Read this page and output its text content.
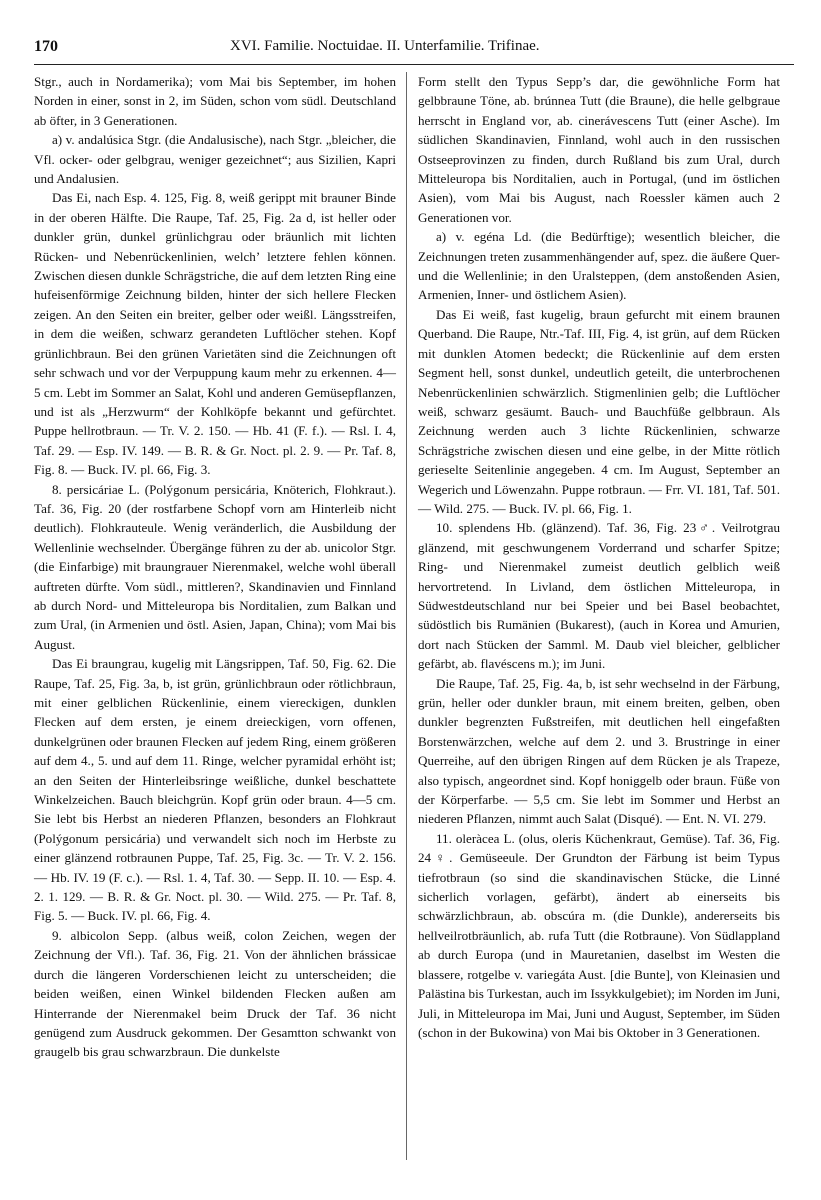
170	XVI. Familie. Noctuidae. II. Unterfamilie. Trifinae.

Stgr., auch in Nordamerika); vom Mai bis September, im hohen Norden in einer, sonst in 2, im Süden, schon vom südl. Deutschland ab öfter, in 3 Generationen.

a) v. andalúsica Stgr. (die Andalusische), nach Stgr. „bleicher, die Vfl. ocker- oder gelbgrau, weniger gezeichnet“; aus Sizilien, Kapri und Andalusien.

Das Ei, nach Esp. 4. 125, Fig. 8, weiß gerippt mit brauner Binde in der oberen Hälfte. Die Raupe, Taf. 25, Fig. 2a d, ist heller oder dunkler grün, dunkel grünlichgrau oder bräunlich mit lichten Rücken- und Nebenrückenlinien, welch’ letztere fehlen können. Zwischen diesen dunkle Schrägstriche, die auf dem letzten Ring eine hufeisenförmige Zeichnung bilden, hinter der sich hellere Flecken zeigen. An den Seiten ein breiter, gelber oder weißl. Längsstreifen, in dem die weißen, schwarz gerandeten Luftlöcher stehen. Kopf grünlichbraun. Bei den grünen Varietäten sind die Zeichnungen oft sehr schwach und vor der Verpuppung kaum mehr zu erkennen. 4—5 cm. Lebt im Sommer an Salat, Kohl und anderen Gemüsepflanzen, und ist als „Herzwurm“ der Kohlköpfe bekannt und gefürchtet. Puppe hellrotbraun. — Tr. V. 2. 150. — Hb. 41 (F. f.). — Rsl. I. 4, Taf. 29. — Esp. IV. 149. — B. R. & Gr. Noct. pl. 2. 9. — Pr. Taf. 8, Fig. 8. — Buck. IV. pl. 66, Fig. 3.

8. persicáriae L. (Polýgonum persicária, Knöterich, Flohkraut.). Taf. 36, Fig. 20 (der rostfarbene Schopf vorn am Hinterleib nicht deutlich). Flohkrauteule. Wenig veränderlich, die Ausbildung der Wellenlinie wechselnder. Übergänge führen zu der ab. unicolor Stgr. (die Einfarbige) mit braungrauer Nierenmakel, welche wohl überall auftreten dürfte. Vom südl., mittleren?, Skandinavien und Finnland ab durch Nord- und Mitteleuropa bis Norditalien, zum Balkan und zum Ural, (in Armenien und östl. Asien, Japan, China); vom Mai bis August.

Das Ei braungrau, kugelig mit Längsrippen, Taf. 50, Fig. 62. Die Raupe, Taf. 25, Fig. 3a, b, ist grün, grünlichbraun oder rötlichbraun, mit einer gelblichen Rückenlinie, einem viereckigen, dunklen Flecken auf dem ersten, je einem dreieckigen, vorn offenen, dunkelgrünen oder braunen Flecken auf jedem Ring, einem größeren auf dem 4., 5. und auf dem 11. Ringe, welcher pyramidal erhöht ist; an den Seiten der Hinterleibsringe weißliche, dunkel beschattete Winkelzeichen. Bauch bleichgrün. Kopf grün oder braun. 4—5 cm. Sie lebt bis Herbst an niederen Pflanzen, besonders an Flohkraut (Polýgonum persicária) und verwandelt sich noch im Herbste zu einer glänzend rotbraunen Puppe, Taf. 25, Fig. 3c. — Tr. V. 2. 156. — Hb. IV. 19 (F. c.). — Rsl. 1. 4, Taf. 30. — Sepp. II. 10. — Esp. 4. 2. 1. 129. — B. R. & Gr. Noct. pl. 30. — Wild. 275. — Pr. Taf. 8, Fig. 5. — Buck. IV. pl. 66, Fig. 4.

9. albicolon Sepp. (albus weiß, colon Zeichen, wegen der Zeichnung der Vfl.). Taf. 36, Fig. 21. Von der ähnlichen brássicae durch die längeren Vorderschienen leicht zu unterscheiden; die beiden weißen, einen Winkel bildenden Flecken außen am Hinterrande der Nierenmakel beim Druck der Taf. 36 nicht genügend zum Ausdruck gekommen. Der Gesamtton schwankt von graugelb bis grau schwarzbraun. Die dunkelste

Form stellt den Typus Sepp’s dar, die gewöhnliche Form hat gelbbraune Töne, ab. brúnnea Tutt (die Braune), die helle gelbgraue herrscht in England vor, ab. cinerávescens Tutt (einer Asche). Im südlichen Skandinavien, Finnland, wohl auch in den russischen Ostseeprovinzen zu finden, durch Rußland bis zum Ural, durch Mitteleuropa bis Norditalien, auch in Portugal, (und im östlichen Asien), vom Mai bis August, nach Roessler kämen auch 2 Generationen vor.

a) v. egéna Ld. (die Bedürftige); wesentlich bleicher, die Zeichnungen treten zusammenhängender auf, spez. die äußere Quer- und die Wellenlinie; in den Uralsteppen, (dem anstoßenden Asien, Armenien, Inner- und östlichem Asien).

Das Ei weiß, fast kugelig, braun gefurcht mit einem braunen Querband. Die Raupe, Ntr.-Taf. III, Fig. 4, ist grün, auf dem Rücken mit dunklen Atomen bedeckt; die Rückenlinie auf dem ersten Segment hell, sonst dunkel, undeutlich geteilt, die unterbrochenen Nebenrückenlinien schwärzlich. Stigmenlinien gelb; die Luftlöcher weiß, schwarz gesäumt. Bauch- und Bauchfüße gelbbraun. Als Zeichnung werden auch 3 lichte Rückenlinien, schwarze Schrägstriche zwischen diesen und eine gelbe, in der Mitte rötlich gerieselte Seitenlinie angegeben. 4 cm. Im August, September an Wegerich und Löwenzahn. Puppe rotbraun. — Frr. VI. 181, Taf. 501. — Wild. 275. — Buck. IV. pl. 66, Fig. 1.

10. splendens Hb. (glänzend). Taf. 36, Fig. 23♂. Veilrotgrau glänzend, mit geschwungenem Vorderrand und scharfer Spitze; Ring- und Nierenmakel zumeist deutlich gelblich weiß hervortretend. In Livland, dem östlichen Mitteleuropa, in Südwestdeutschland nur bei Speier und bei Basel beobachtet, südöstlich bis Rumänien (Bukarest), (auch in Korea und Amurien, dort nach Stücken der Samml. M. Daub viel bleicher, gelblicher gefärbt, ab. flavéscens m.); im Juni.

Die Raupe, Taf. 25, Fig. 4a, b, ist sehr wechselnd in der Färbung, grün, heller oder dunkler braun, mit einem breiten, gelben, oben dunkler begrenzten Fußstreifen, mit deutlichen hell eingefaßten Borstenwärzchen, welche auf dem 2. und 3. Brustringe in einer Querreihe, auf den übrigen Ringen auf dem Rücken je als Trapeze, also typisch, angeordnet sind. Kopf honiggelb oder braun. Füße von der Körperfarbe. — 5,5 cm. Sie lebt im Sommer und Herbst an niederen Pflanzen, nimmt auch Salat (Disqué). — Ent. N. VI. 279.

11. oleràcea L. (olus, oleris Küchenkraut, Gemüse). Taf. 36, Fig. 24♀. Gemüseeule. Der Grundton der Färbung ist beim Typus tiefrotbraun (so sind die skandinavischen Stücke, die Linné sicherlich vorlagen, gefärbt), ändert ab einerseits bis schwärzlichbraun, ab. obscúra m. (die Dunkle), andererseits bis hellveilrotbräunlich, ab. rufa Tutt (die Rotbraune). Von Südlappland ab durch Europa (und in Mauretanien, daselbst im Westen die blassere, rotgelbe v. variegáta Aust. [die Bunte], von Kleinasien und Palästina bis Turkestan, auch im Issykkulgebiet); im Norden im Juni, Juli, in Mitteleuropa im Mai, Juni und August, September, im Süden (schon in der Bukowina) von Mai bis Oktober in 3 Generationen.
